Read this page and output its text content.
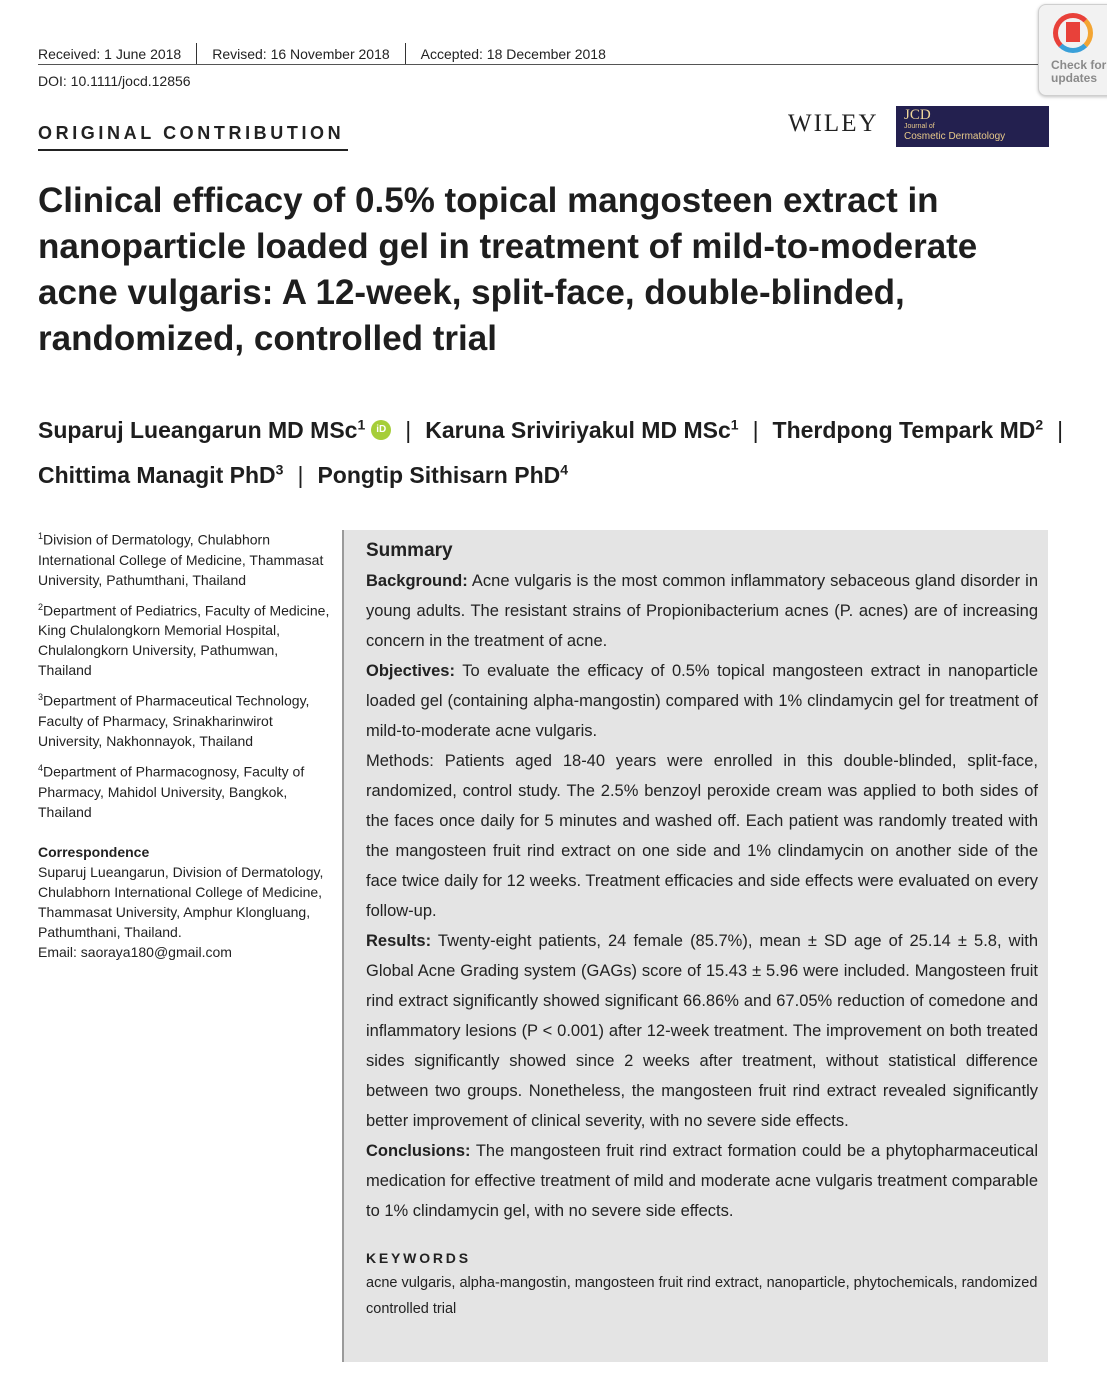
Received: 1 June 2018 Revised: 16 November 2018 Accepted: 18 December 2018
DOI: 10.1111/jocd.12856
Check for updates
ORIGINAL CONTRIBUTION	WILEY JCD
Journal of
Cosmetic Dermatology
Clinical efficacy of 0.5% topical mangosteen extract in nanoparticle loaded gel in treatment of mild-to-moderate acne vulgaris: A 12-week, split-face, double-blinded, randomized, controlled trial
Suparuj Lueangarun MD MSc$^1$ iD | Karuna Sriviriyakul MD MSc$^1$ | Therdpong Tempark $MD^2$ |
Chittima Managit PhD$^3$ | Pongtip Sithisarn PhD$^4$

$^1$Division of Dermatology, Chulabhorn International College of Medicine, Thammasat University, Pathumthani, Thailand

$^2$Department of Pediatrics, Faculty of Medicine, King Chulalongkorn Memorial Hospital, Chulalongkorn University, Pathumwan, Thailand

$^3$Department of Pharmaceutical Technology, Faculty of Pharmacy, Srinakharinwirot University, Nakhonnayok, Thailand

$^4$Department of Pharmacognosy, Faculty of Pharmacy, Mahidol University, Bangkok, Thailand

Correspondence

Suparuj Lueangarun, Division of Dermatology, Chulabhorn International College of Medicine, Thammasat University, Amphur Klongluang, Pathumthani, Thailand.
Email: saoraya180@gmail.com

Summary

Background: Acne vulgaris is the most common inflammatory sebaceous gland disorder in young adults. The resistant strains of Propionibacterium acnes (P. acnes) are of increasing concern in the treatment of acne.

Objectives: To evaluate the efficacy of 0.5% topical mangosteen extract in nanoparticle loaded gel (containing alpha-mangostin) compared with 1% clindamycin gel for treatment of mild-to-moderate acne vulgaris.

Methods: Patients aged 18-40 years were enrolled in this double-blinded, split-face, randomized, control study. The 2.5% benzoyl peroxide cream was applied to both sides of the faces once daily for 5 minutes and washed off. Each patient was randomly treated with the mangosteen fruit rind extract on one side and 1% clindamycin on another side of the face twice daily for 12 weeks. Treatment efficacies and side effects were evaluated on every follow-up.

Results: Twenty-eight patients, 24 female (85.7%), mean ± SD age of 25.14 ± 5.8, with Global Acne Grading system (GAGs) score of 15.43 ± 5.96 were included. Mangosteen fruit rind extract significantly showed significant 66.86% and 67.05% reduction of comedone and inflammatory lesions (P < 0.001) after 12-week treatment. The improvement on both treated sides significantly showed since 2 weeks after treatment, without statistical difference between two groups. Nonetheless, the mangosteen fruit rind extract revealed significantly better improvement of clinical severity, with no severe side effects.

Conclusions: The mangosteen fruit rind extract formation could be a phytopharmaceutical medication for effective treatment of mild and moderate acne vulgaris treatment comparable to 1% clindamycin gel, with no severe side effects.

KEYWORDS

acne vulgaris, alpha-mangostin, mangosteen fruit rind extract, nanoparticle, phytochemicals, randomized controlled trial
